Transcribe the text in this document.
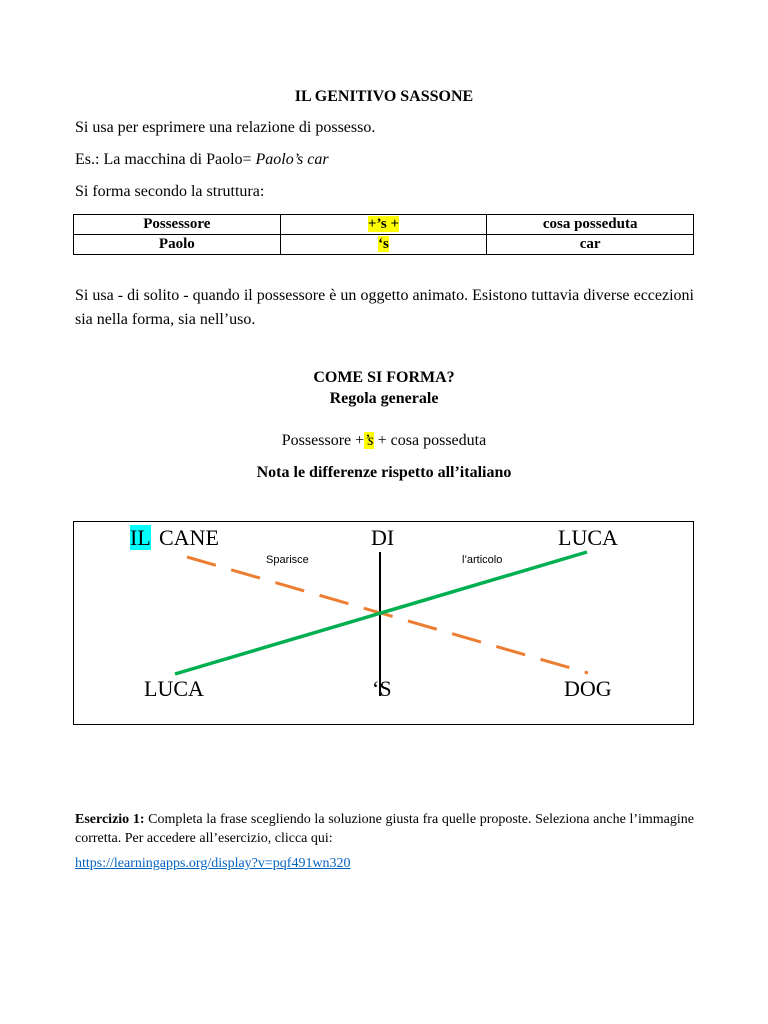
IL GENITIVO SASSONE
Si usa per esprimere una relazione di possesso.
Es.: La macchina di Paolo= Paolo’s car
Si forma secondo la struttura:
Possessore	+’s +	cosa posseduta
Paolo	‘s	car
Si usa - di solito - quando il possessore è un oggetto animato. Esistono tuttavia diverse eccezioni sia nella forma, sia nell’uso.
COME SI FORMA?
Regola generale
Possessore +’s + cosa posseduta
Nota le differenze rispetto all’italiano
IL CANE	DI	LUCA
Sparisce	l’articolo
LUCA	‘S	DOG
Esercizio 1: Completa la frase scegliendo la soluzione giusta fra quelle proposte. Seleziona anche l’immagine corretta. Per accedere all’esercizio, clicca qui:
https://learningapps.org/display?v=pqf491wn320
